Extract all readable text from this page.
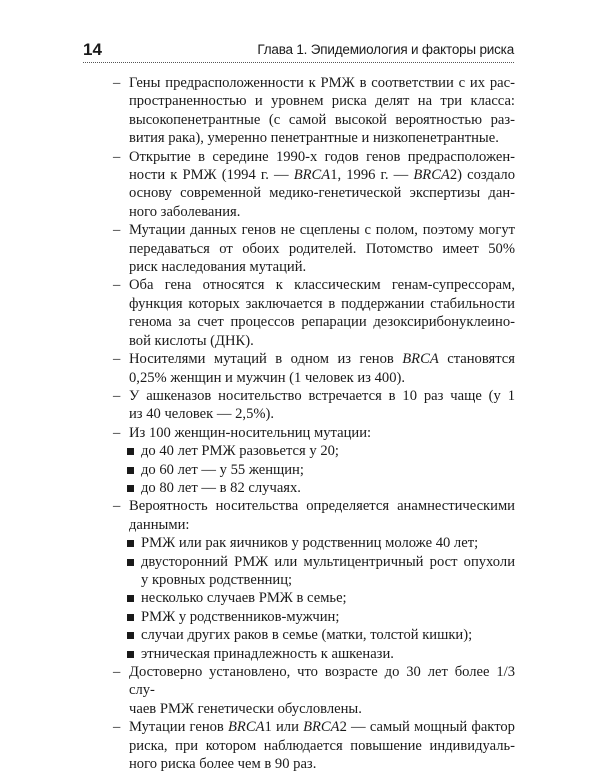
14	Глава 1. Эпидемиология и факторы риска
– Гены предрасположенности к РМЖ в соответствии с их рас-
пространенностью и уровнем риска делят на три класса:
высокопенетрантные (с самой высокой вероятностью раз-
вития рака), умеренно пенетрантные и низкопенетрантные.
– Открытие в середине 1990-х годов генов предрасположен-
ности к РМЖ (1994 г. — BRCA1, 1996 г. — BRCA2) создало
основу современной медико-генетической экспертизы дан-
ного заболевания.
– Мутации данных генов не сцеплены с полом, поэтому могут
передаваться от обоих родителей. Потомство имеет 50%
риск наследования мутаций.
– Оба гена относятся к классическим генам-супрессорам,
функция которых заключается в поддержании стабильности
генома за счет процессов репарации дезоксирибонуклеино-
вой кислоты (ДНК).
– Носителями мутаций в одном из генов BRCA становятся
0,25% женщин и мужчин (1 человек из 400).
– У ашкеназов носительство встречается в 10 раз чаще (у 1
из 40 человек — 2,5%).
– Из 100 женщин-носительниц мутации:
до 40 лет РМЖ разовьется у 20;
до 60 лет — у 55 женщин;
до 80 лет — в 82 случаях.
– Вероятность носительства определяется анамнестическими
данными:
РМЖ или рак яичников у родственниц моложе 40 лет;
двусторонний РМЖ или мультицентричный рост опухоли
у кровных родственниц;
несколько случаев РМЖ в семье;
РМЖ у родственников-мужчин;
случаи других раков в семье (матки, толстой кишки);
этническая принадлежность к ашкенази.
– Достоверно установлено, что возрасте до 30 лет более 1/3 слу-
чаев РМЖ генетически обусловлены.
– Мутации генов BRCA1 или BRCA2 — самый мощный фактор
риска, при котором наблюдается повышение индивидуаль-
ного риска более чем в 90 раз.
